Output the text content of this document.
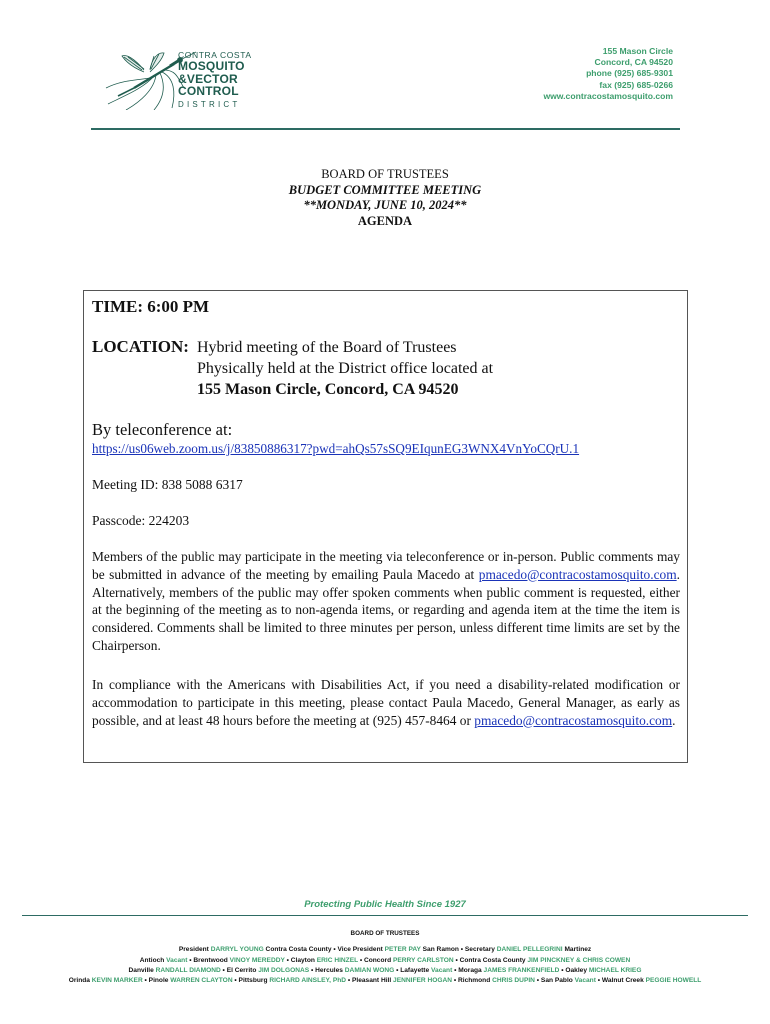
CONTRA COSTA
MOSQUITO
&VECTOR
CONTROL
DISTRICT
155 Mason Circle
Concord, CA 94520
phone (925) 685-9301
fax (925) 685-0266
www.contracostamosquito.com
BOARD OF TRUSTEES
BUDGET COMMITTEE MEETING
**MONDAY, JUNE 10, 2024**
AGENDA
TIME: 6:00 PM
LOCATION: Hybrid meeting of the Board of Trustees
Physically held at the District office located at
155 Mason Circle, Concord, CA 94520
By teleconference at:
https://us06web.zoom.us/j/83850886317?pwd=ahQs57sSQ9EIqunEG3WNX4VnYoCQrU.1
Meeting ID: 838 5088 6317
Passcode: 224203
Members of the public may participate in the meeting via teleconference or in-person. Public comments may be submitted in advance of the meeting by emailing Paula Macedo at pmacedo@contracostamosquito.com. Alternatively, members of the public may offer spoken comments when public comment is requested, either at the beginning of the meeting as to non-agenda items, or regarding and agenda item at the time the item is considered. Comments shall be limited to three minutes per person, unless different time limits are set by the Chairperson.
In compliance with the Americans with Disabilities Act, if you need a disability-related modification or accommodation to participate in this meeting, please contact Paula Macedo, General Manager, as early as possible, and at least 48 hours before the meeting at (925) 457-8464 or pmacedo@contracostamosquito.com.
Protecting Public Health Since 1927
BOARD OF TRUSTEES
President DARRYL YOUNG Contra Costa County • Vice President PETER PAY San Ramon • Secretary DANIEL PELLEGRINI Martinez
Antioch Vacant • Brentwood VINOY MEREDDY • Clayton ERIC HINZEL • Concord PERRY CARLSTON • Contra Costa County JIM PINCKNEY & CHRIS COWEN
Danville RANDALL DIAMOND • El Cerrito JIM DOLGONAS • Hercules DAMIAN WONG • Lafayette Vacant • Moraga JAMES FRANKENFIELD • Oakley MICHAEL KRIEG
Orinda KEVIN MARKER • Pinole WARREN CLAYTON • Pittsburg RICHARD AINSLEY, PhD • Pleasant Hill JENNIFER HOGAN • Richmond CHRIS DUPIN • San Pablo Vacant • Walnut Creek PEGGIE HOWELL
